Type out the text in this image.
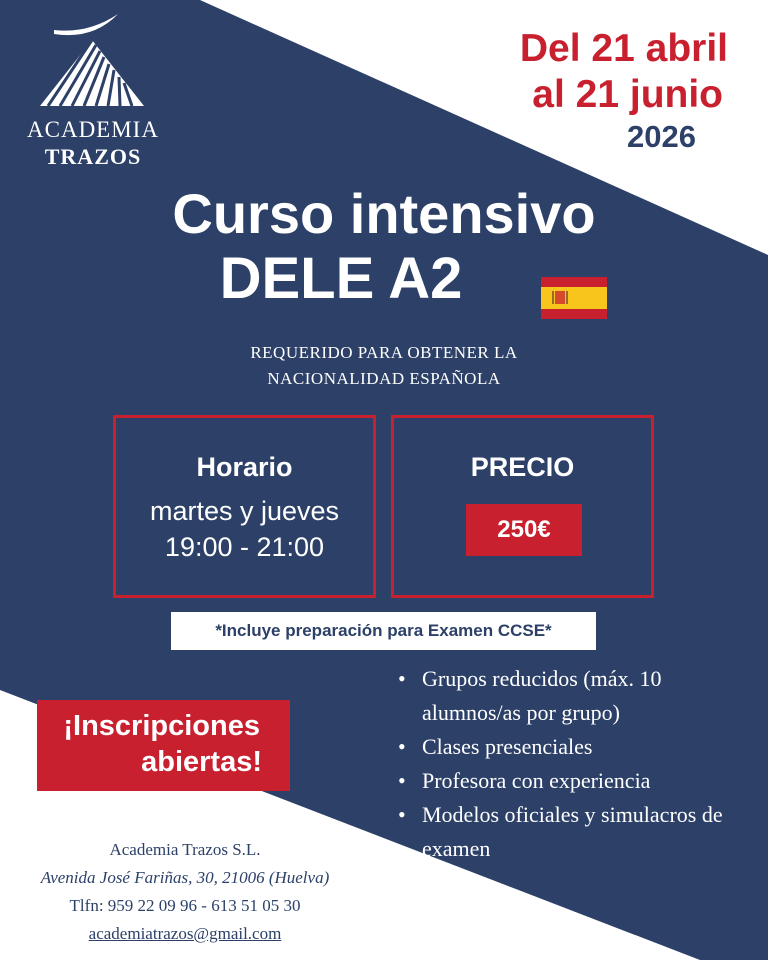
ACADEMIA
TRAZOS
Del 21 abril
al 21 junio
2026
Curso intensivo
DELE A2
REQUERIDO PARA OBTENER LA
NACIONALIDAD ESPAÑOLA
Horario
martes y jueves
19:00 - 21:00
PRECIO
250€
*Incluye preparación para Examen CCSE*
¡Inscripciones
abiertas!
• Grupos reducidos (máx. 10 alumnos/as por grupo)
• Clases presenciales
• Profesora con experiencia
• Modelos oficiales y simulacros de examen
Academia Trazos S.L.
Avenida José Fariñas, 30, 21006 (Huelva)
Tlfn: 959 22 09 96 - 613 51 05 30
academiatrazos@gmail.com
